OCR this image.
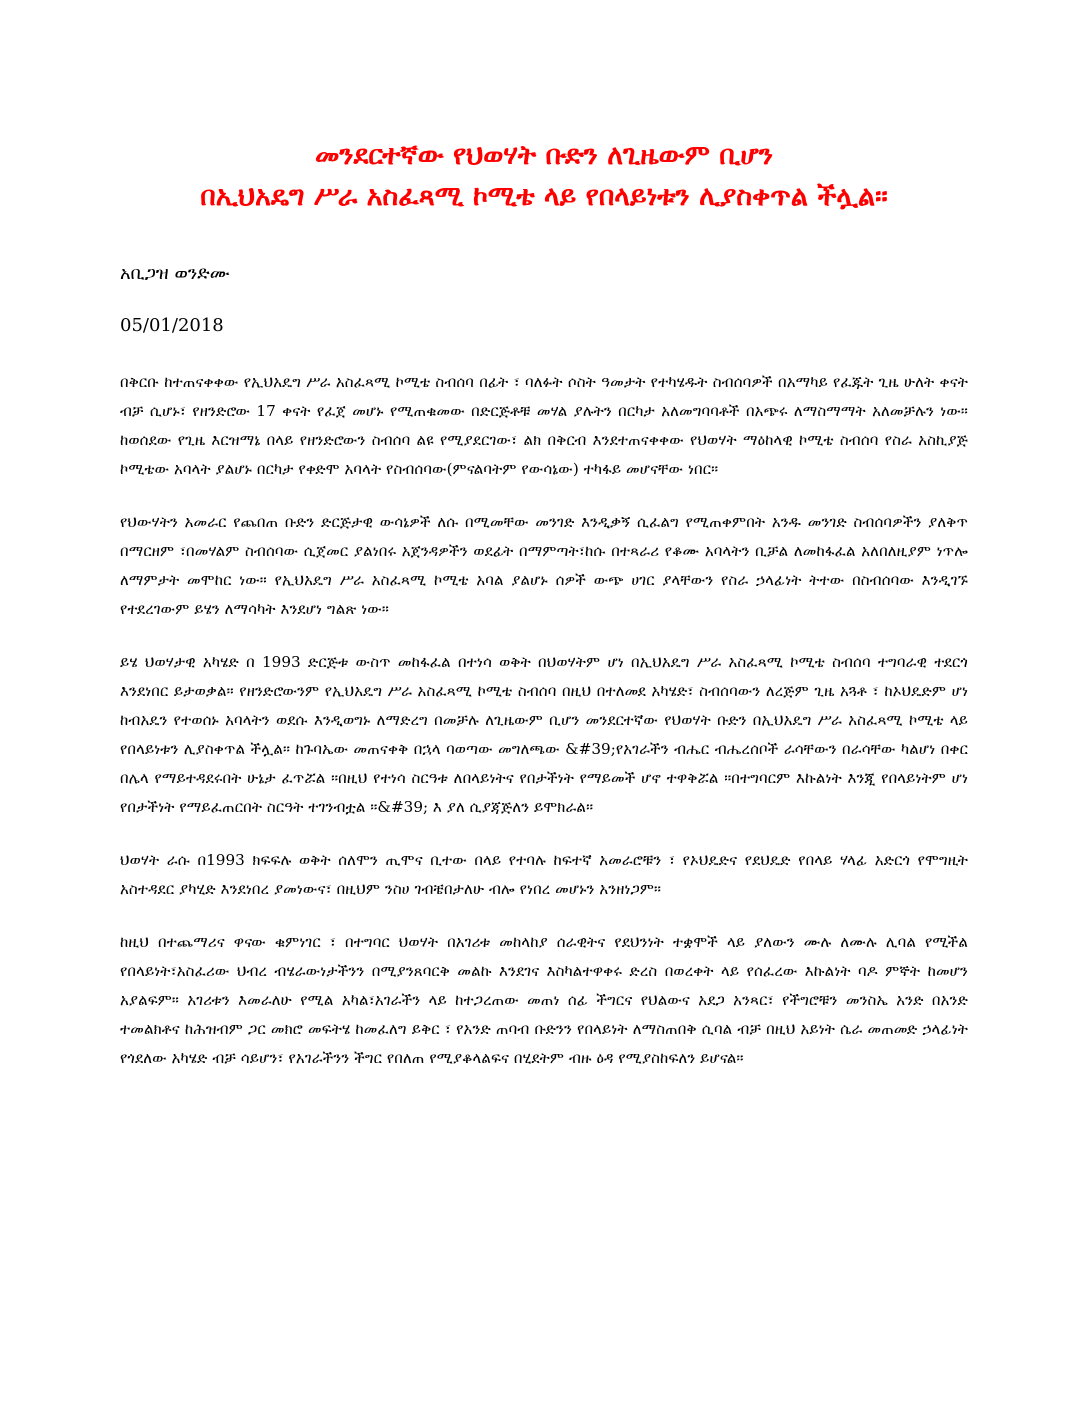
መንደርተኛው የህወሃት ቡድን ለጊዜውም ቢሆን
በኢህአዴግ ሥራ አስፈጻሚ ኮሚቴ ላይ የበላይነቱን ሊያስቀጥል ችሏል።
አቢጋዝ ወንድሙ
05/01/2018

በቅርቡ ከተጠናቀቀው የኢህአዴግ ሥራ አስፈጻሚ ኮሚቴ ስብሰባ በፊት ፣ ባለፉት ሶስት ዓመታት የተካሄዱት ስብሰባዎች በአማካይ የፈጁት ጊዜ ሁለት ቀናት ብቻ ሲሆኑ፣ የዘንድሮው 17 ቀናት የፈጀ መሆኑ የሚጠቁመው በድርጅቶቹ መሃል ያሉትን በርካታ አለመግባባቶች በአጭሩ ለማስማማት አለመቻሉን ነው። ከወሰደው የጊዜ እርዝማኔ በላይ የዘንድሮውን ስብሰባ ልዩ የሚያደርገው፣ ልክ በቅርብ እንደተጠናቀቀው የህወሃት ማዕከላዊ ኮሚቴ ስብሰባ የስራ አስኪያጅ ኮሚቴው አባላት ያልሆኑ በርካታ የቀድሞ አባላት የስብሰባው(ምናልባትም የውሳኔው) ተካፋይ መሆናቸው ነበር።

የህውሃትን አመራር የጨበጠ ቡድን ድርጅታዊ ውሳኔዎች ለሱ በሚመቸው መንገድ እንዲቃኝ ሲፈልግ የሚጠቀምበት አንዱ መንገድ ስብሰባዎችን ያለቅጥ በማርዘም ፣በመሃልም ስብሰባው ሲጀመር ያልነበሩ አጀንዳዎችን ወደፊት በማምጣት፣ከሱ በተጻራሪ የቆሙ አባላትን ቢቻል ለመከፋፈል አለበለዚያም ነጥሎ ለማምታት መሞከር ነው። የኢህአዴግ ሥራ አስፈጻሚ ኮሚቴ አባል ያልሆኑ ሰዎች ውጭ ሀገር ያላቸውን የስራ ኃላፊነት ትተው በስብሰባው እንዲገኙ የተደረገውም ይሄን ለማሳካት እንደሆነ ግልጽ ነው።

ይሄ ህወሃታዊ አካሄድ በ 1993 ድርጅቱ ውስጥ መከፋፈል በተነሳ ወቅት በህወሃትም ሆነ በኢህአዴግ ሥራ አስፈጻሚ ኮሚቴ ስብሰባ ተግባራዊ ተደርጎ እንደነበር ይታወቃል። የዘንድሮውንም የኢህአዴግ ሥራ አስፈጻሚ ኮሚቴ ስብሰባ በዚህ በተለመደ አካሄድ፣ ስብሰባውን ለረጅም ጊዜ አጓቶ ፣ ከኦህዴድም ሆነ ከብአዴን የተወሰኑ አባላትን ወደሱ እንዲወግኑ ለማድረግ በመቻሉ ለጊዜውም ቢሆን መንደርተኛው የህወሃት ቡድን በኢህአዴግ ሥራ አስፈጻሚ ኮሚቴ ላይ የበላይነቱን ሊያስቀጥል ችሏል። ከጉባኤው መጠናቀቅ በኋላ ባወጣው መግለጫው &#39;የአገራችን ብሔር ብሔረሰቦች ራሳቸውን በራሳቸው ካልሆነ በቀር በሌላ የማይተዳደሩበት ሁኔታ ፈጥሯል ።በዚህ የተነሳ ስርዓቱ ለበላይነትና የበታችነት የማይመች ሆኖ ተዋቅሯል ።በተግባርም እኩልነት እንጂ የበላይነትም ሆነ የበታችነት የማይፈጠርበት ስርዓት ተገንብቷል ።&#39; እ ያለ ሲያጃጅለን ይሞክራል።

ህወሃት ራሱ በ1993 ክፍፍሉ ወቅት ሰለሞን ጢሞና ቢተው በላይ የተባሉ ከፍተኛ አመራሮቹን ፣ የኦህዴድና የደህዴድ የበላይ ሃላፊ አድርጎ የሞግዚት አስተዳደር ያካሂድ እንደነበረ ያመነውና፣ በዚህም ንስሀ ገብቼበታለሁ ብሎ የነበረ መሆኑን አንዘነጋም።

ከዚህ በተጨማሪና ዋናው ቁምነገር ፣ በተግባር ህወሃት በአገሪቱ መከላከያ ሰራዊትና የደህንነት ተቋሞች ላይ ያለውን ሙሉ ለሙሉ ሊባል የሚችል የበላይነት፣አስፈሪው ህብረ ብሄራውነታችንን በሚያንጸባርቅ መልኩ እንደገና እስካልተዋቀሩ ድረስ በወረቀት ላይ የሰፈረው እኩልነት ባዶ ምኞት ከመሆን አያልፍም። አገሪቱን እመራለሁ የሚል አካል፣አገራችን ላይ ከተጋረጠው መጠነ ሰፊ ችግርና የህልውና አደጋ አንጻር፣ የችግሮቹን መንስኤ አንድ በአንድ ተመልክቶና ከሕዝብም ጋር መክሮ መፍትሄ ከመፈለግ ይቅር ፣ የአንድ ጠባብ ቡድንን የበላይነት ለማስጠበቅ ሲባል ብቻ በዚህ አይነት ሴራ መጠመድ ኃላፊነት የጎደለው አካሄድ ብቻ ሳይሆን፣ የአገራችንን ችግር የበለጠ የሚያቆላልፍና በሂደትም ብዙ ዕዳ የሚያስከፍለን ይሆናል።
